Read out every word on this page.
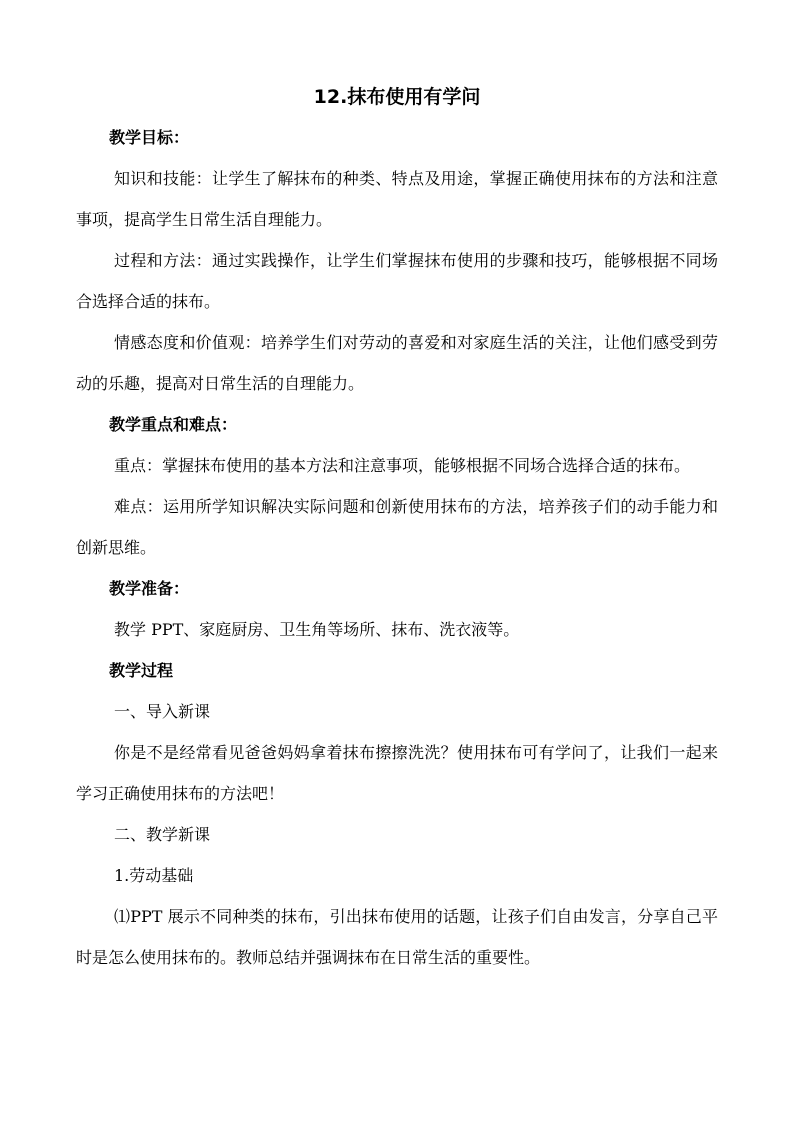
12.抹布使用有学问
教学目标：

知识和技能：让学生了解抹布的种类、特点及用途，掌握正确使用抹布的方法和注意事项，提高学生日常生活自理能力。

过程和方法：通过实践操作，让学生们掌握抹布使用的步骤和技巧，能够根据不同场合选择合适的抹布。

情感态度和价值观：培养学生们对劳动的喜爱和对家庭生活的关注，让他们感受到劳动的乐趣，提高对日常生活的自理能力。

教学重点和难点：

重点：掌握抹布使用的基本方法和注意事项，能够根据不同场合选择合适的抹布。

难点：运用所学知识解决实际问题和创新使用抹布的方法，培养孩子们的动手能力和创新思维。

教学准备：

教学 PPT、家庭厨房、卫生角等场所、抹布、洗衣液等。

教学过程

一、导入新课

你是不是经常看见爸爸妈妈拿着抹布擦擦洗洗？使用抹布可有学问了，让我们一起来学习正确使用抹布的方法吧！

二、教学新课

1.劳动基础

⑴PPT 展示不同种类的抹布，引出抹布使用的话题，让孩子们自由发言，分享自己平时是怎么使用抹布的。教师总结并强调抹布在日常生活的重要性。
